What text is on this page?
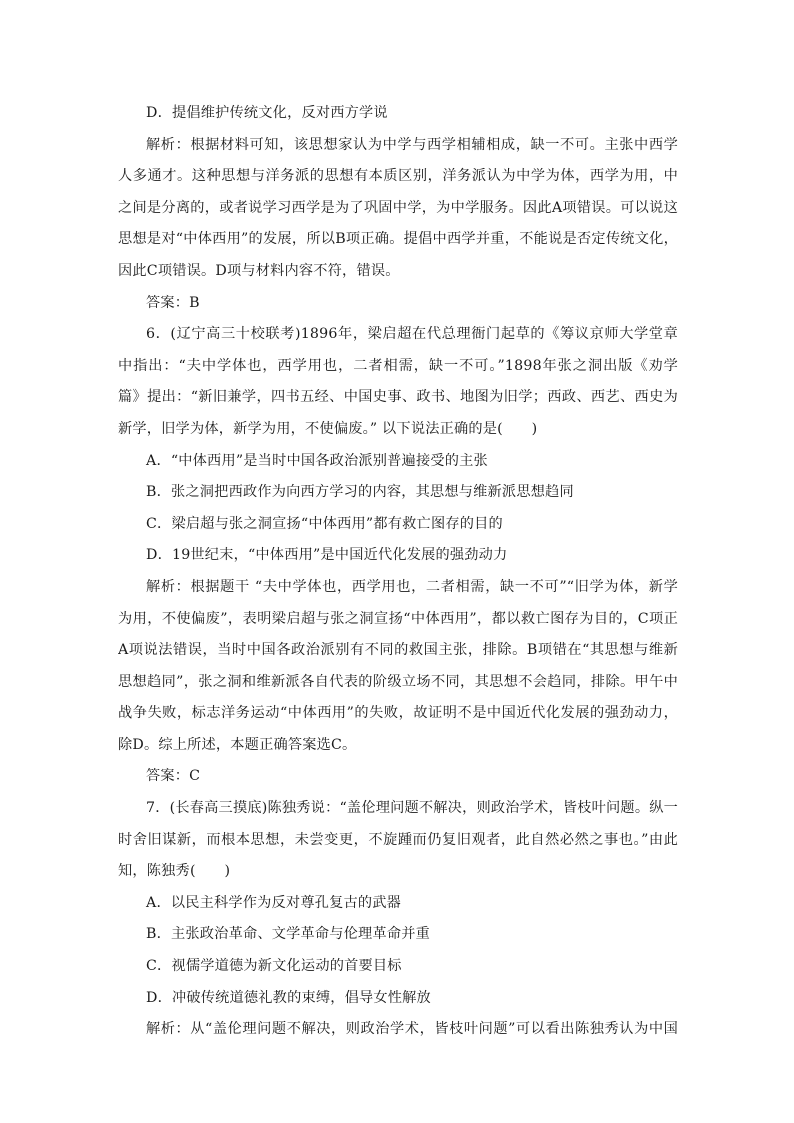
D．提倡维护传统文化，反对西方学说
解析：根据材料可知，该思想家认为中学与西学相辅相成，缺一不可。主张中西学
人多通才。这种思想与洋务派的思想有本质区别，洋务派认为中学为体，西学为用，中
之间是分离的，或者说学习西学是为了巩固中学，为中学服务。因此A项错误。可以说这
思想是对“中体西用”的发展，所以B项正确。提倡中西学并重，不能说是否定传统文化，
因此C项错误。D项与材料内容不符，错误。
答案：B
6．(辽宁高三十校联考)1896年，梁启超在代总理衙门起草的《筹议京师大学堂章
中指出：“夫中学体也，西学用也，二者相需，缺一不可。”1898年张之洞出版《劝学
篇》提出：“新旧兼学，四书五经、中国史事、政书、地图为旧学；西政、西艺、西史为
新学，旧学为体，新学为用，不使偏废。” 以下说法正确的是(　　)
A．“中体西用”是当时中国各政治派别普遍接受的主张
B．张之洞把西政作为向西方学习的内容，其思想与维新派思想趋同
C．梁启超与张之洞宣扬“中体西用”都有救亡图存的目的
D．19世纪末，“中体西用”是中国近代化发展的强劲动力
解析：根据题干 “夫中学体也，西学用也，二者相需，缺一不可”“旧学为体，新学
为用，不使偏废”，表明梁启超与张之洞宣扬“中体西用”，都以救亡图存为目的，C项正
A项说法错误，当时中国各政治派别有不同的救国主张，排除。B项错在“其思想与维新
思想趋同”，张之洞和维新派各自代表的阶级立场不同，其思想不会趋同，排除。甲午中
战争失败，标志洋务运动“中体西用”的失败，故证明不是中国近代化发展的强劲动力，
除D。综上所述，本题正确答案选C。
答案：C
7．(长春高三摸底)陈独秀说：“盖伦理问题不解决，则政治学术，皆枝叶问题。纵一
时舍旧谋新，而根本思想，未尝变更，不旋踵而仍复旧观者，此自然必然之事也。”由此
知，陈独秀(　　)
A．以民主科学作为反对尊孔复古的武器
B．主张政治革命、文学革命与伦理革命并重
C．视儒学道德为新文化运动的首要目标
D．冲破传统道德礼教的束缚，倡导女性解放
解析：从“盖伦理问题不解决，则政治学术，皆枝叶问题”可以看出陈独秀认为中国
